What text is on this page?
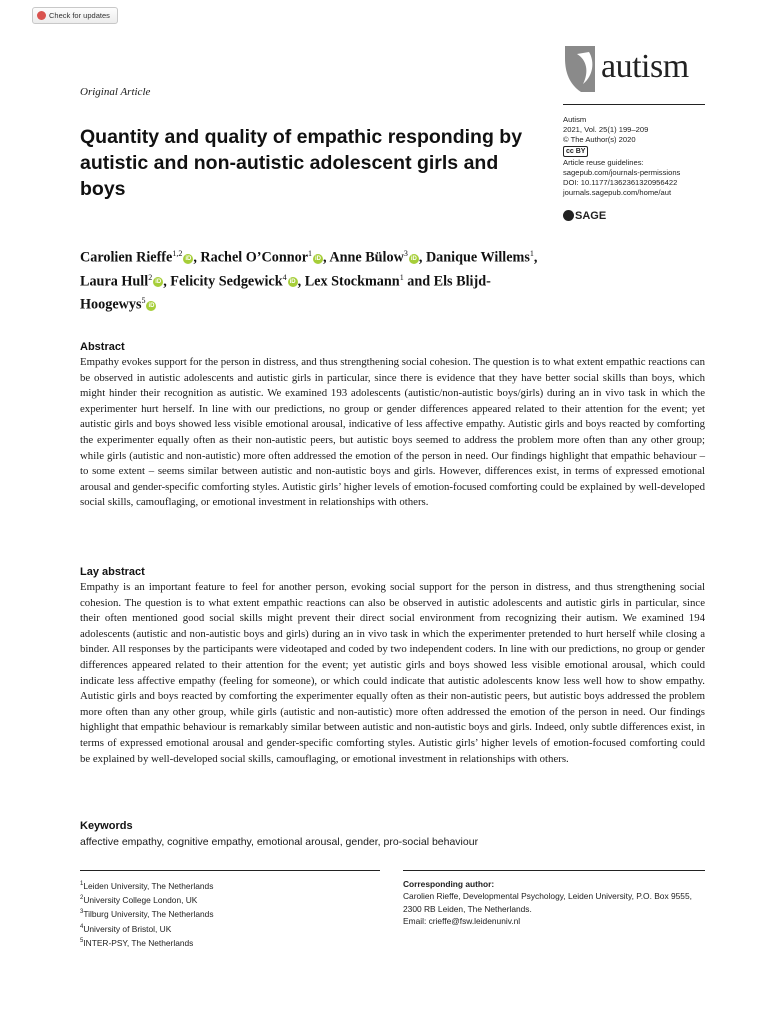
Check for updates
Original Article
Quantity and quality of empathic responding by autistic and non-autistic adolescent girls and boys
autism
Autism
2021, Vol. 25(1) 199–209
© The Author(s) 2020
cc BY
Article reuse guidelines:
sagepub.com/journals-permissions
DOI: 10.1177/1362361320956422
journals.sagepub.com/home/aut
SAGE
Carolien Rieffe$^{1,2}$iD , Rachel O’Connor$^1$iD , Anne Bülow$^3$iD , Danique Willems$^1$, Laura Hull$^2$iD , Felicity Sedgewick$^4$iD , Lex Stockmann$^1$ and Els Blijd-Hoogewys$^5$iD
Abstract
Empathy evokes support for the person in distress, and thus strengthening social cohesion. The question is to what extent empathic reactions can be observed in autistic adolescents and autistic girls in particular, since there is evidence that they have better social skills than boys, which might hinder their recognition as autistic. We examined 193 adolescents (autistic/non-autistic boys/girls) during an in vivo task in which the experimenter hurt herself. In line with our predictions, no group or gender differences appeared related to their attention for the event; yet autistic girls and boys showed less visible emotional arousal, indicative of less affective empathy. Autistic girls and boys reacted by comforting the experimenter equally often as their non-autistic peers, but autistic boys seemed to address the problem more often than any other group; while girls (autistic and non-autistic) more often addressed the emotion of the person in need. Our findings highlight that empathic behaviour – to some extent – seems similar between autistic and non-autistic boys and girls. However, differences exist, in terms of expressed emotional arousal and gender-specific comforting styles. Autistic girls’ higher levels of emotion-focused comforting could be explained by well-developed social skills, camouflaging, or emotional investment in relationships with others.
Lay abstract
Empathy is an important feature to feel for another person, evoking social support for the person in distress, and thus strengthening social cohesion. The question is to what extent empathic reactions can also be observed in autistic adolescents and autistic girls in particular, since their often mentioned good social skills might prevent their direct social environment from recognizing their autism. We examined 194 adolescents (autistic and non-autistic boys and girls) during an in vivo task in which the experimenter pretended to hurt herself while closing a binder. All responses by the participants were videotaped and coded by two independent coders. In line with our predictions, no group or gender differences appeared related to their attention for the event; yet autistic girls and boys showed less visible emotional arousal, which could indicate less affective empathy (feeling for someone), or which could indicate that autistic adolescents know less well how to show empathy. Autistic girls and boys reacted by comforting the experimenter equally often as their non-autistic peers, but autistic boys addressed the problem more often than any other group, while girls (autistic and non-autistic) more often addressed the emotion of the person in need. Our findings highlight that empathic behaviour is remarkably similar between autistic and non-autistic boys and girls. Indeed, only subtle differences exist, in terms of expressed emotional arousal and gender-specific comforting styles. Autistic girls’ higher levels of emotion-focused comforting could be explained by well-developed social skills, camouflaging, or emotional investment in relationships with others.
Keywords
affective empathy, cognitive empathy, emotional arousal, gender, pro-social behaviour
$^1$Leiden University, The Netherlands
$^2$University College London, UK
$^3$Tilburg University, The Netherlands
$^4$University of Bristol, UK
$^5$INTER-PSY, The Netherlands
Corresponding author:
Carolien Rieffe, Developmental Psychology, Leiden University, P.O. Box 9555, 2300 RB Leiden, The Netherlands.
Email: crieffe@fsw.leidenuniv.nl
